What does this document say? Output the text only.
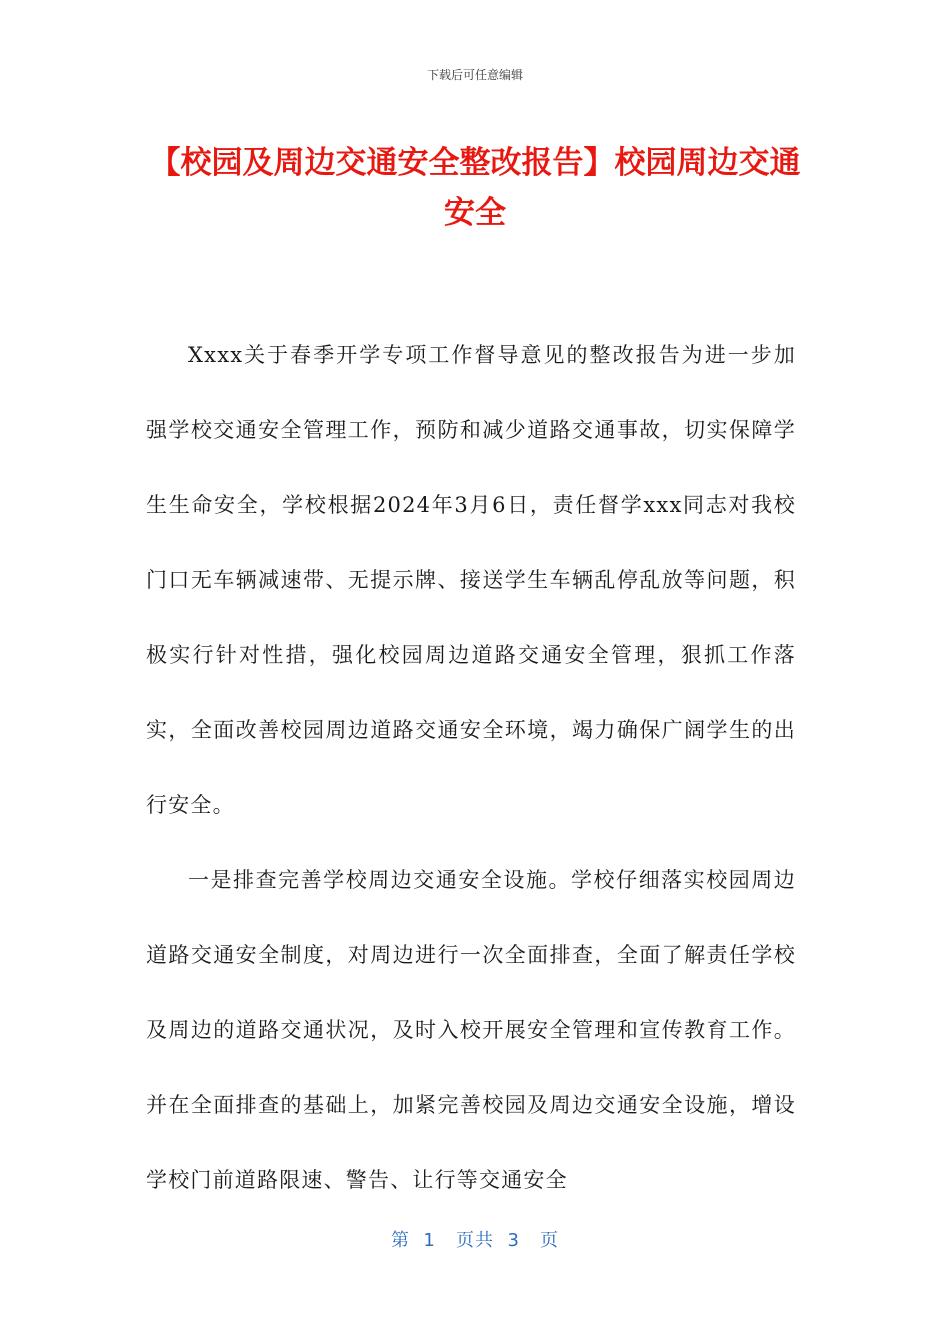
下载后可任意编辑
【校园及周边交通安全整改报告】校园周边交通安全

Xxxx关于春季开学专项工作督导意见的整改报告为进一步加强学校交通安全管理工作，预防和减少道路交通事故，切实保障学生生命安全，学校根据2024年3月6日，责任督学xxx同志对我校门口无车辆减速带、无提示牌、接送学生车辆乱停乱放等问题，积极实行针对性措，强化校园周边道路交通安全管理，狠抓工作落实，全面改善校园周边道路交通安全环境，竭力确保广阔学生的出行安全。

一是排查完善学校周边交通安全设施。学校仔细落实校园周边道路交通安全制度，对周边进行一次全面排查，全面了解责任学校及周边的道路交通状况，及时入校开展安全管理和宣传教育工作。并在全面排查的基础上，加紧完善校园及周边交通安全设施，增设学校门前道路限速、警告、让行等交通安全

第  1   页共  3   页
